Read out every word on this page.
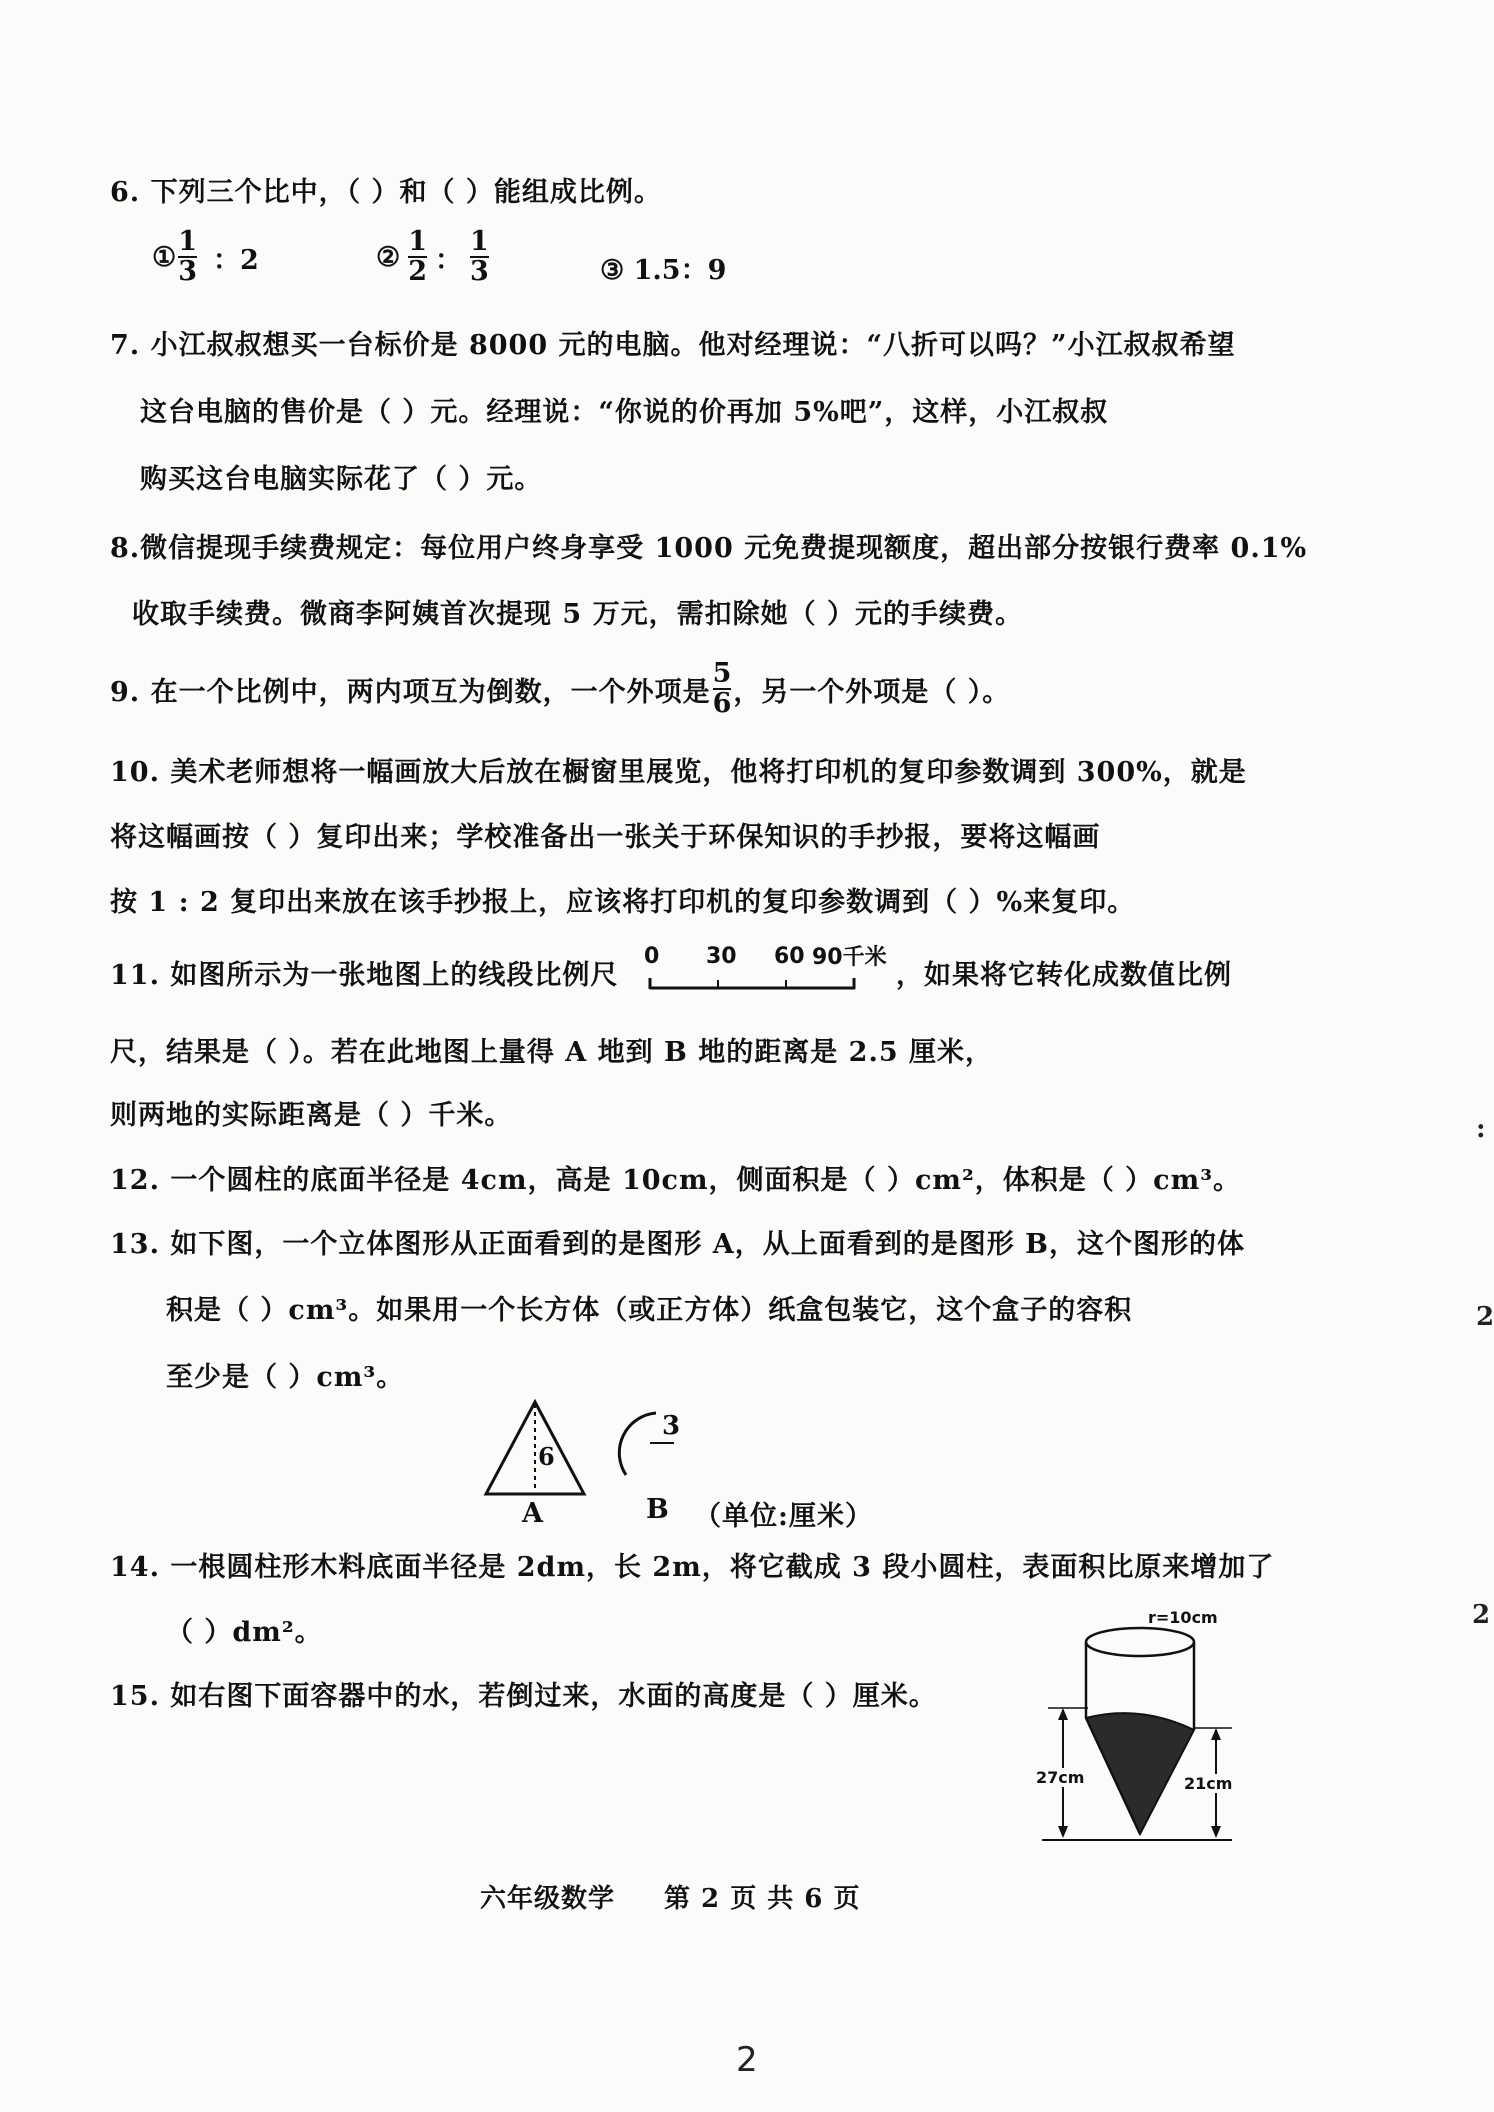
6. 下列三个比中，（ ）和（ ）能组成比例。
① $\frac{1}{3}$ ：2	② $\frac{1}{2}$ ： $\frac{1}{3}$	③ 1.5：9
7. 小江叔叔想买一台标价是 8000 元的电脑。他对经理说：“八折可以吗？”小江叔叔希望
这台电脑的售价是（ ）元。经理说：“你说的价再加 5%吧”，这样，小江叔叔
购买这台电脑实际花了（ ）元。
8.微信提现手续费规定：每位用户终身享受 1000 元免费提现额度，超出部分按银行费率 0.1%
收取手续费。微商李阿姨首次提现 5 万元，需扣除她（ ）元的手续费。
9. 在一个比例中，两内项互为倒数，一个外项是 $\frac{5}{6}$ ，另一个外项是（ ）。
10. 美术老师想将一幅画放大后放在橱窗里展览，他将打印机的复印参数调到 300%，就是
将这幅画按（ ）复印出来；学校准备出一张关于环保知识的手抄报，要将这幅画
按 1 : 2 复印出来放在该手抄报上，应该将打印机的复印参数调到（ ）%来复印。
11. 如图所示为一张地图上的线段比例尺
0 30 60 90千米
，如果将它转化成数值比例
尺，结果是（ ）。若在此地图上量得 A 地到 B 地的距离是 2.5 厘米，
则两地的实际距离是（ ）千米。
12. 一个圆柱的底面半径是 4cm，高是 10cm，侧面积是（ ）cm²，体积是（ ）cm³。
13. 如下图，一个立体图形从正面看到的是图形 A，从上面看到的是图形 B，这个图形的体
积是（ ）cm³。如果用一个长方体（或正方体）纸盒包装它，这个盒子的容积
至少是（ ）cm³。
6
A
3
B （单位:厘米）
14. 一根圆柱形木料底面半径是 2dm，长 2m，将它截成 3 段小圆柱，表面积比原来增加了
（ ）dm²。
15. 如右图下面容器中的水，若倒过来，水面的高度是（ ）厘米。
r=10cm
27cm	21cm
六年级数学 第 2 页 共 6 页
2
:
2
2
